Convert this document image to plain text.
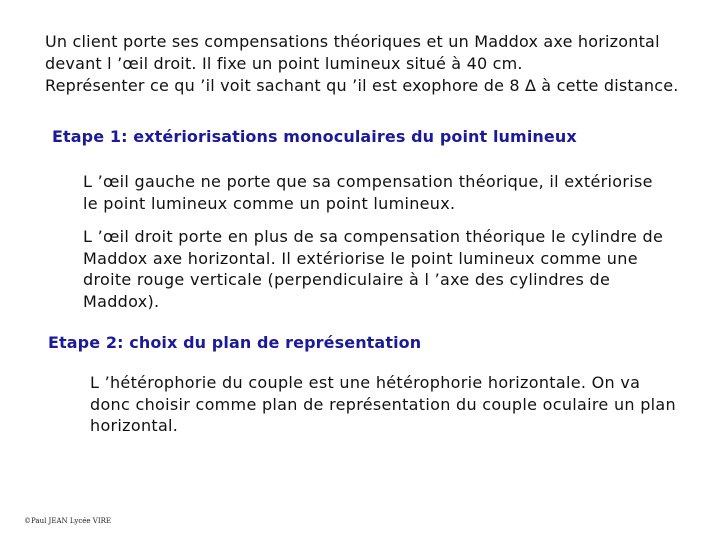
Un client porte ses compensations théoriques et un Maddox axe horizontal

devant l ’œil droit. Il fixe un point lumineux situé à 40 cm.

Représenter ce qu ’il voit sachant qu ’il est exophore de 8 ∆ à cette distance.

Etape 1: extériorisations monoculaires du point lumineux

L ’œil gauche ne porte que sa compensation théorique, il extériorise

le point lumineux comme un point lumineux.

L ’œil droit porte en plus de sa compensation théorique le cylindre de

Maddox axe horizontal. Il extériorise le point lumineux comme une

droite rouge verticale (perpendiculaire à l ’axe des cylindres de

Maddox).

Etape 2: choix du plan de représentation

L ’hétérophorie du couple est une hétérophorie horizontale. On va

donc choisir comme plan de représentation du couple oculaire un plan

horizontal.

©Paul JEAN Lycée VIRE
